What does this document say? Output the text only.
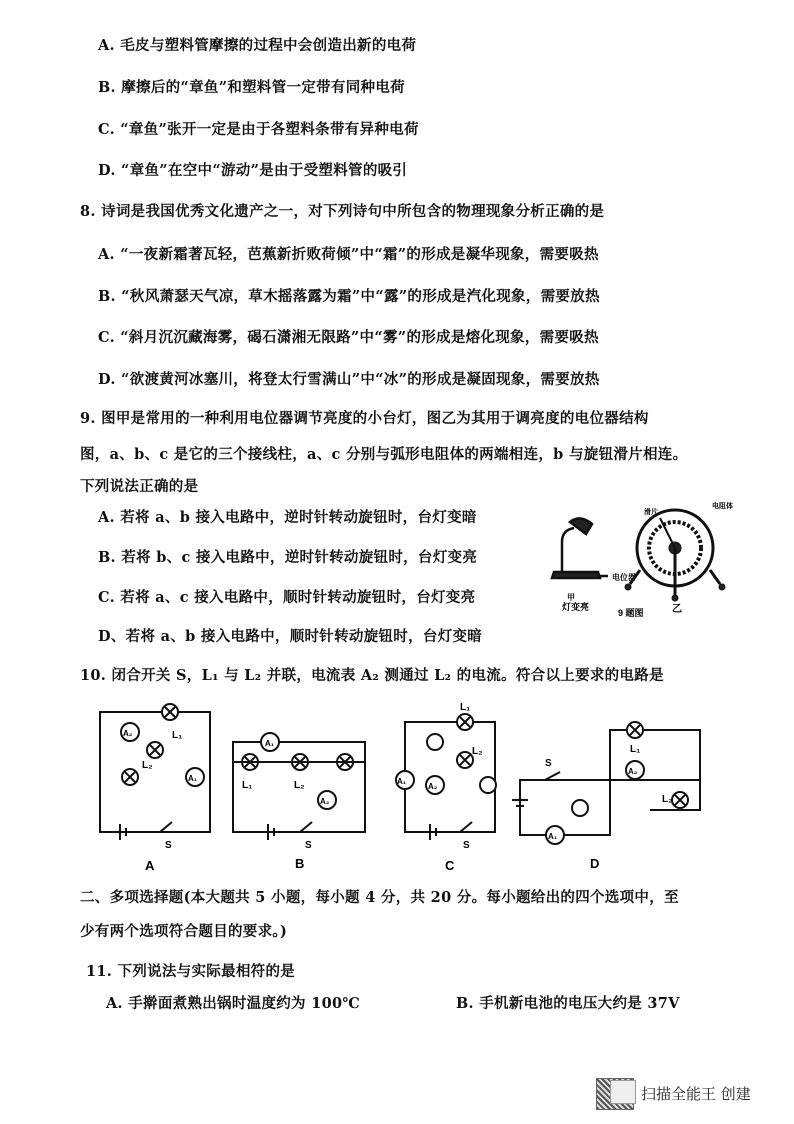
A. 毛皮与塑料管摩擦的过程中会创造出新的电荷
B. 摩擦后的“章鱼”和塑料管一定带有同种电荷
C. “章鱼”张开一定是由于各塑料条带有异种电荷
D. “章鱼”在空中“游动”是由于受塑料管的吸引
8. 诗词是我国优秀文化遗产之一，对下列诗句中所包含的物理现象分析正确的是
A. “一夜新霜著瓦轻，芭蕉新折败荷倾”中“霜”的形成是凝华现象，需要吸热
B. “秋风萧瑟天气凉，草木摇落露为霜”中“露”的形成是汽化现象，需要放热
C. “斜月沉沉藏海雾，碣石潇湘无限路”中“雾”的形成是熔化现象，需要吸热
D. “欲渡黄河冰塞川，将登太行雪满山”中“冰”的形成是凝固现象，需要放热
9. 图甲是常用的一种利用电位器调节亮度的小台灯，图乙为其用于调亮度的电位器结构
图，a、b、c 是它的三个接线柱，a、c 分别与弧形电阻体的两端相连，b 与旋钮滑片相连。
下列说法正确的是
A. 若将 a、b 接入电路中，逆时针转动旋钮时，台灯变暗
B. 若将 b、c 接入电路中，逆时针转动旋钮时，台灯变亮
C. 若将 a、c 接入电路中，顺时针转动旋钮时，台灯变亮
D、若将 a、b 接入电路中，顺时针转动旋钮时，台灯变暗
电位器
灯变亮
甲
滑片
电阻体
乙
9 题图
10. 闭合开关 S，L₁ 与 L₂ 并联，电流表 A₂ 测通过 L₂ 的电流。符合以上要求的电路是
A₂
A₁
L₁
L₂
A₁
A₂
L₁	L₂	A₁
A₂
L₁
L₂
A₂
A₁
L₁
L₂
S	S	S
S
A	B	C	D
二、多项选择题(本大题共 5 小题，每小题 4 分，共 20 分。每小题给出的四个选项中，至
少有两个选项符合题目的要求。)
11. 下列说法与实际最相符的是
A. 手擀面煮熟出锅时温度约为 100℃	B. 手机新电池的电压大约是 37V
扫描全能王 创建
